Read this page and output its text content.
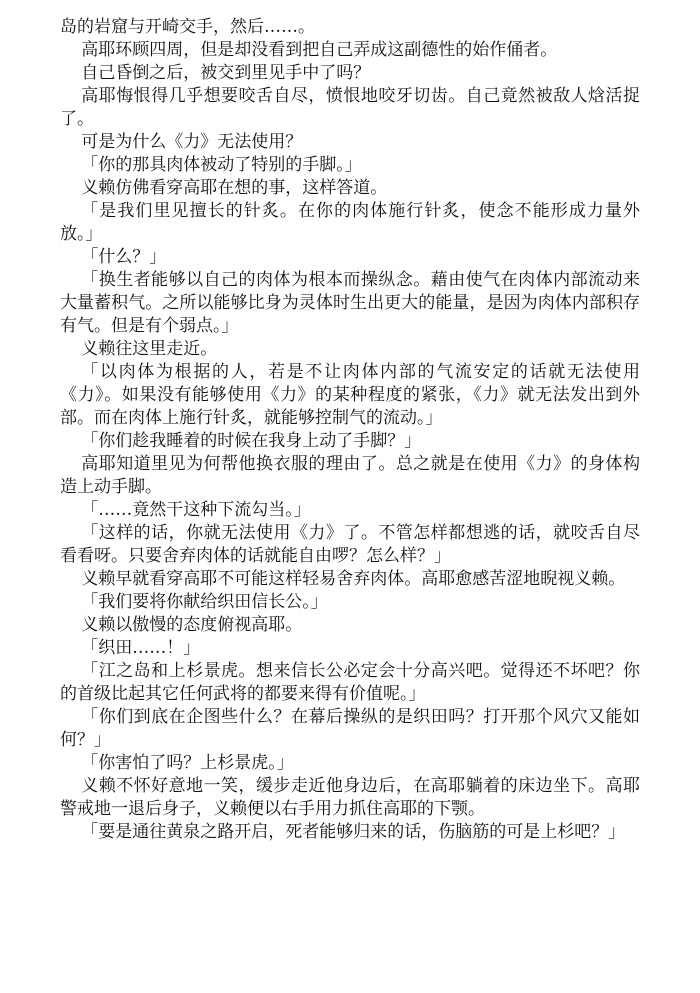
岛的岩窟与开崎交手，然后……。

高耶环顾四周，但是却没看到把自己弄成这副德性的始作俑者。

自己昏倒之后，被交到里见手中了吗？

高耶悔恨得几乎想要咬舌自尽，愤恨地咬牙切齿。自己竟然被敌人焓活捉了。

可是为什么《力》无法使用？

「你的那具肉体被动了特别的手脚。」

义赖仿佛看穿高耶在想的事，这样答道。

「是我们里见擅长的针炙。在你的肉体施行针炙，使念不能形成力量外放。」

「什么？」

「换生者能够以自己的肉体为根本而操纵念。藉由使气在肉体内部流动来大量蓄积气。之所以能够比身为灵体时生出更大的能量，是因为肉体内部积存有气。但是有个弱点。」

义赖往这里走近。

「以肉体为根据的人，若是不让肉体内部的气流安定的话就无法使用《力》。如果没有能够使用《力》的某种程度的紧张，《力》就无法发出到外部。而在肉体上施行针炙，就能够控制气的流动。」

「你们趁我睡着的时候在我身上动了手脚？」

高耶知道里见为何帮他换衣服的理由了。总之就是在使用《力》的身体构造上动手脚。

「……竟然干这种下流勾当。」

「这样的话，你就无法使用《力》了。不管怎样都想逃的话，就咬舌自尽看看呀。只要舍弃肉体的话就能自由啰？怎么样？」

义赖早就看穿高耶不可能这样轻易舍弃肉体。高耶愈感苦涩地睨视义赖。

「我们要将你献给织田信长公。」

义赖以傲慢的态度俯视高耶。

「织田……！」

「江之岛和上杉景虎。想来信长公必定会十分高兴吧。觉得还不坏吧？你的首级比起其它任何武将的都要来得有价值呢。」

「你们到底在企图些什么？在幕后操纵的是织田吗？打开那个风穴又能如何？」

「你害怕了吗？上杉景虎。」

义赖不怀好意地一笑，缓步走近他身边后，在高耶躺着的床边坐下。高耶警戒地一退后身子，义赖便以右手用力抓住高耶的下颚。

「要是通往黄泉之路开启，死者能够归来的话，伤脑筋的可是上杉吧？」
